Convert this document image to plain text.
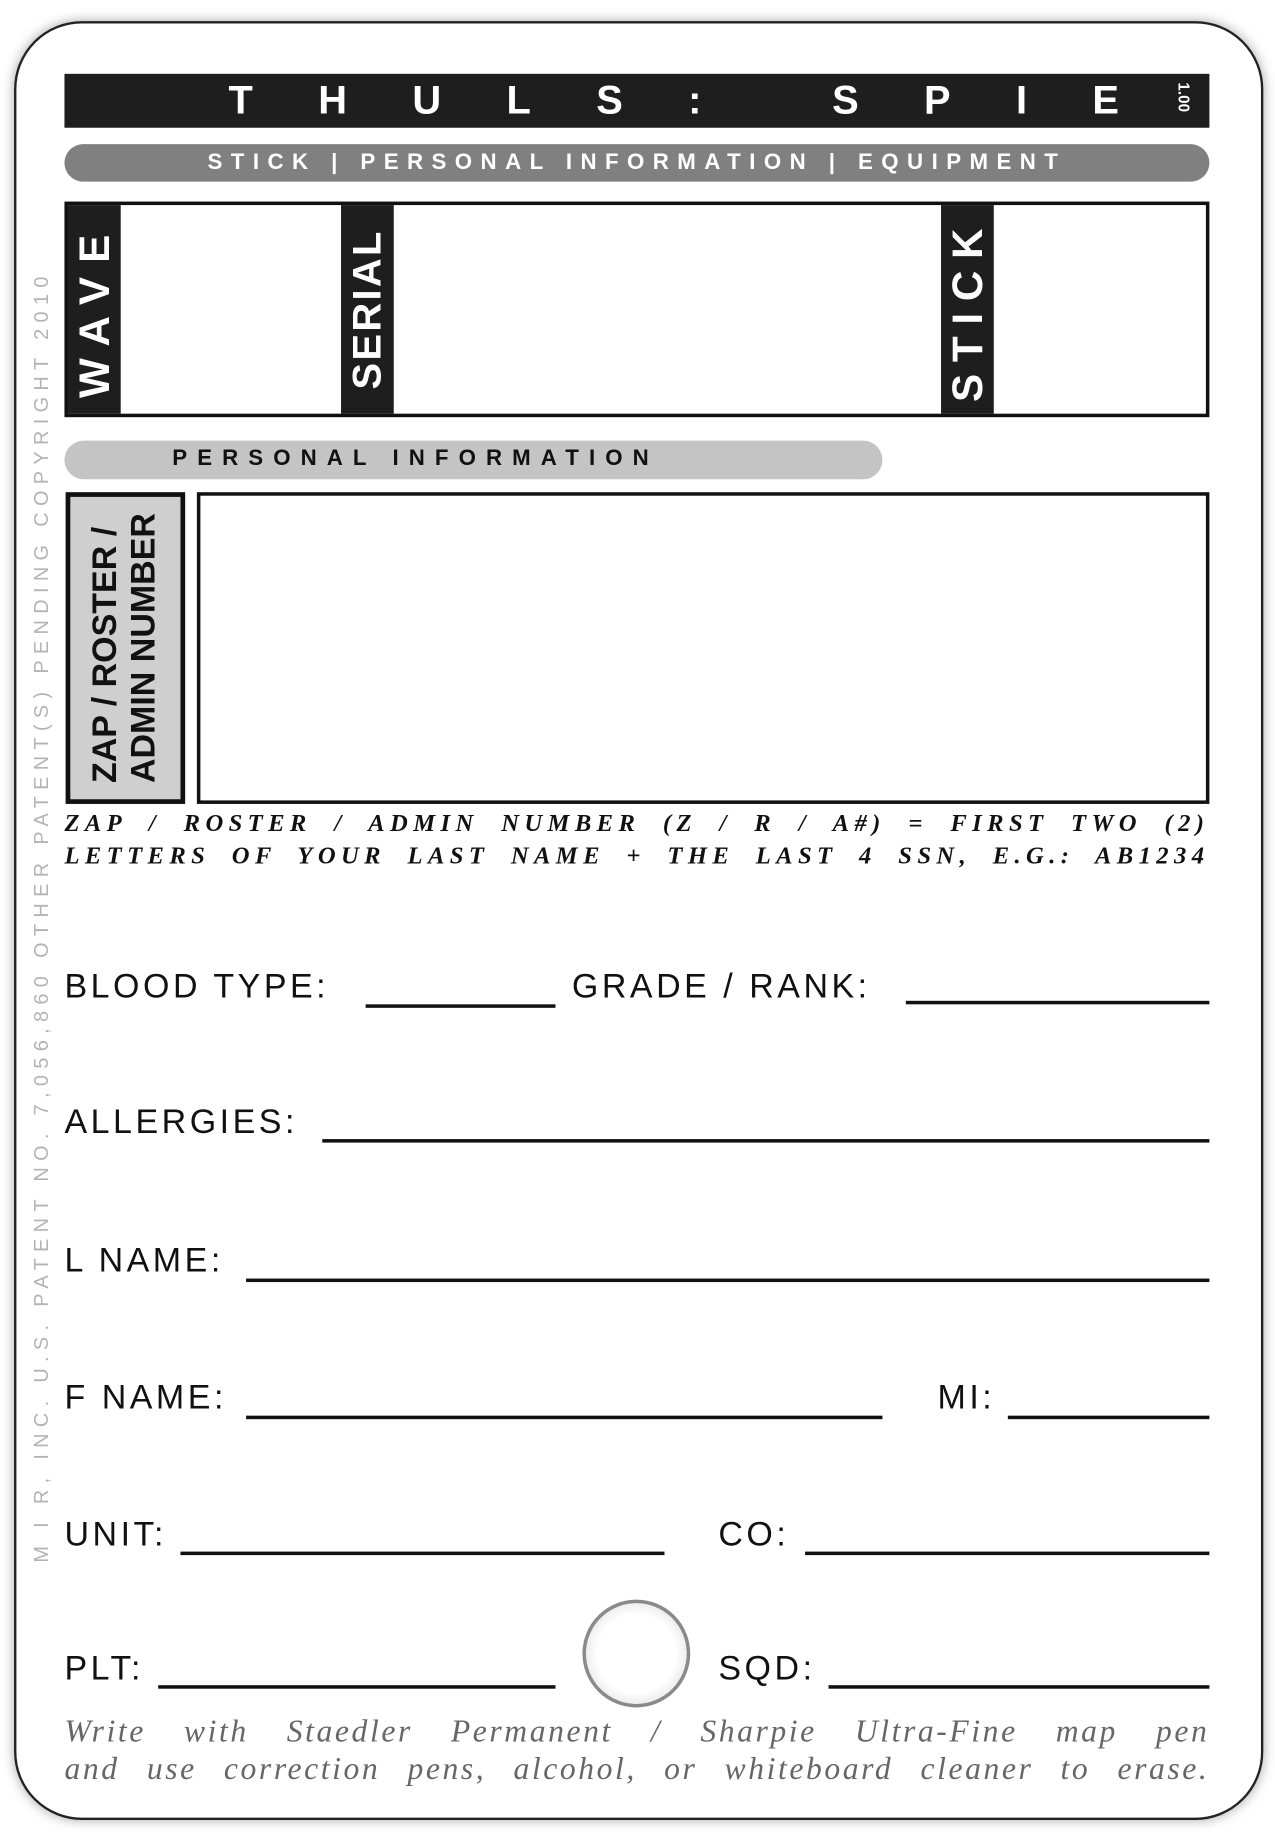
M I R, INC. U.S. PATENT NO. 7,056,860 OTHER PATENT(S) PENDING COPYRIGHT 2010
T H U L S :	S P I E	1.00
STICK | PERSONAL INFORMATION | EQUIPMENT
WAVE	SERIAL	STICK
PERSONAL INFORMATION
ZAP / ROSTER /
ADMIN NUMBER
ZAP / ROSTER / ADMIN NUMBER (Z / R / A#) = FIRST TWO (2)
LETTERS OF YOUR LAST NAME + THE LAST 4 SSN, E.G.: AB1234
BLOOD TYPE:	GRADE / RANK:
ALLERGIES:
L NAME:
F NAME:	MI:
UNIT:	CO:
PLT:	SQD:
Write with Staedler Permanent / Sharpie Ultra-Fine map pen
and use correction pens, alcohol, or whiteboard cleaner to erase.
